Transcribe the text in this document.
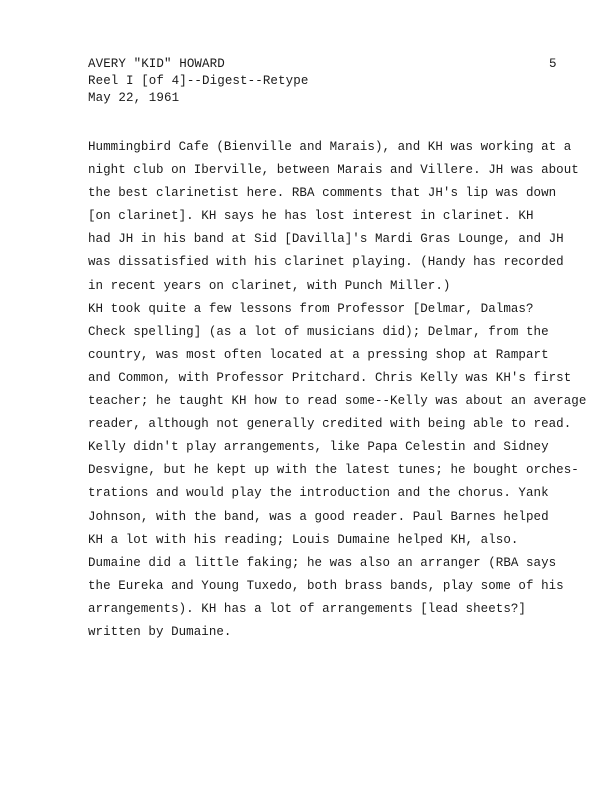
AVERY "KID" HOWARD
Reel I [of 4]--Digest--Retype
May 22, 1961
5
Hummingbird Cafe (Bienville and Marais), and KH was working at a
night club on Iberville, between Marais and Villere. JH was about
the best clarinetist here. RBA comments that JH's lip was down
[on clarinet]. KH says he has lost interest in clarinet. KH
had JH in his band at Sid [Davilla]'s Mardi Gras Lounge, and JH
was dissatisfied with his clarinet playing. (Handy has recorded
in recent years on clarinet, with Punch Miller.)
KH took quite a few lessons from Professor [Delmar, Dalmas?
Check spelling] (as a lot of musicians did); Delmar, from the
country, was most often located at a pressing shop at Rampart
and Common, with Professor Pritchard. Chris Kelly was KH's first
teacher; he taught KH how to read some--Kelly was about an average
reader, although not generally credited with being able to read.
Kelly didn't play arrangements, like Papa Celestin and Sidney
Desvigne, but he kept up with the latest tunes; he bought orches-
trations and would play the introduction and the chorus. Yank
Johnson, with the band, was a good reader. Paul Barnes helped
KH a lot with his reading; Louis Dumaine helped KH, also.
Dumaine did a little faking; he was also an arranger (RBA says
the Eureka and Young Tuxedo, both brass bands, play some of his
arrangements). KH has a lot of arrangements [lead sheets?]
written by Dumaine.
